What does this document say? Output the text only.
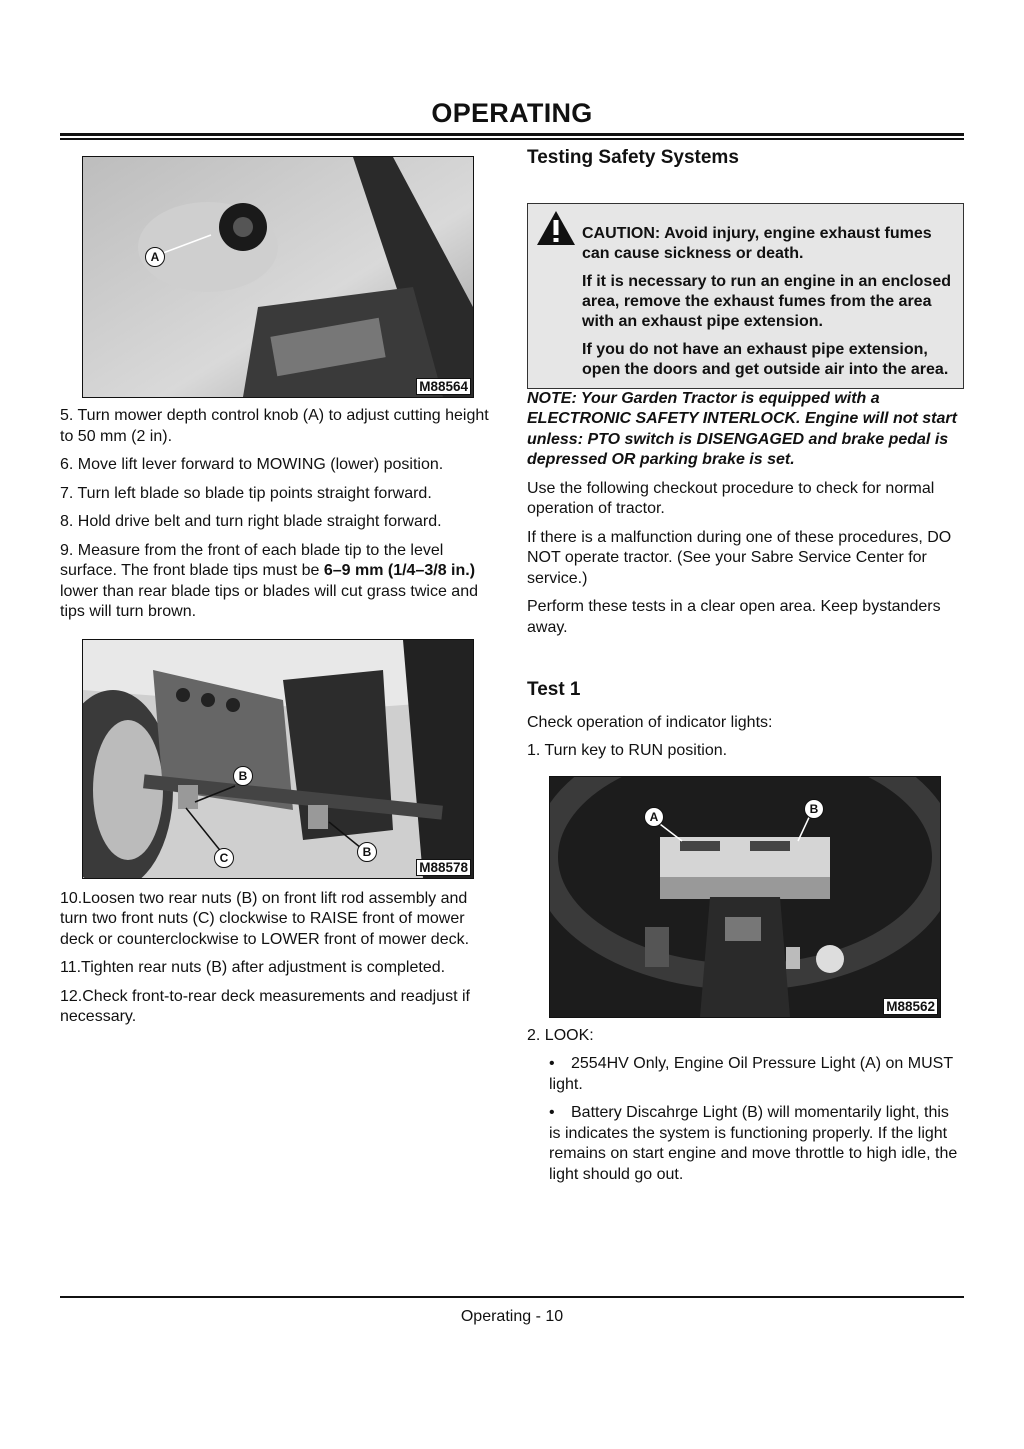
OPERATING
A
M88564

5. Turn mower depth control knob (A) to adjust cutting height to 50 mm (2 in).

6. Move lift lever forward to MOWING (lower) position.

7. Turn left blade so blade tip points straight forward.

8. Hold drive belt and turn right blade straight forward.

9. Measure from the front of each blade tip to the level surface. The front blade tips must be 6–9 mm (1/4–3/8 in.) lower than rear blade tips or blades will cut grass twice and tips will turn brown.

B
C	B
M88578

10.Loosen two rear nuts (B) on front lift rod assembly and turn two front nuts (C) clockwise to RAISE front of mower deck or counterclockwise to LOWER front of mower deck.

11.Tighten rear nuts (B) after adjustment is completed.

12.Check front-to-rear deck measurements and readjust if necessary.

Testing Safety Systems

CAUTION: Avoid injury, engine exhaust fumes can cause sickness or death.

If it is necessary to run an engine in an enclosed area, remove the exhaust fumes from the area with an exhaust pipe extension.

If you do not have an exhaust pipe extension, open the doors and get outside air into the area.

NOTE: Your Garden Tractor is equipped with a ELECTRONIC SAFETY INTERLOCK. Engine will not start unless: PTO switch is DISENGAGED and brake pedal is depressed OR parking brake is set.

Use the following checkout procedure to check for normal operation of tractor.

If there is a malfunction during one of these procedures, DO NOT operate tractor. (See your Sabre Service Center for service.)

Perform these tests in a clear open area. Keep bystanders away.

Test 1

Check operation of indicator lights:

1. Turn key to RUN position.

A
B
M88562

2. LOOK:

• 2554HV Only, Engine Oil Pressure Light (A) on MUST light.

• Battery Discahrge Light (B) will momentarily light, this is indicates the system is functioning properly. If the light remains on start engine and move throttle to high idle, the light should go out.

Operating - 10
